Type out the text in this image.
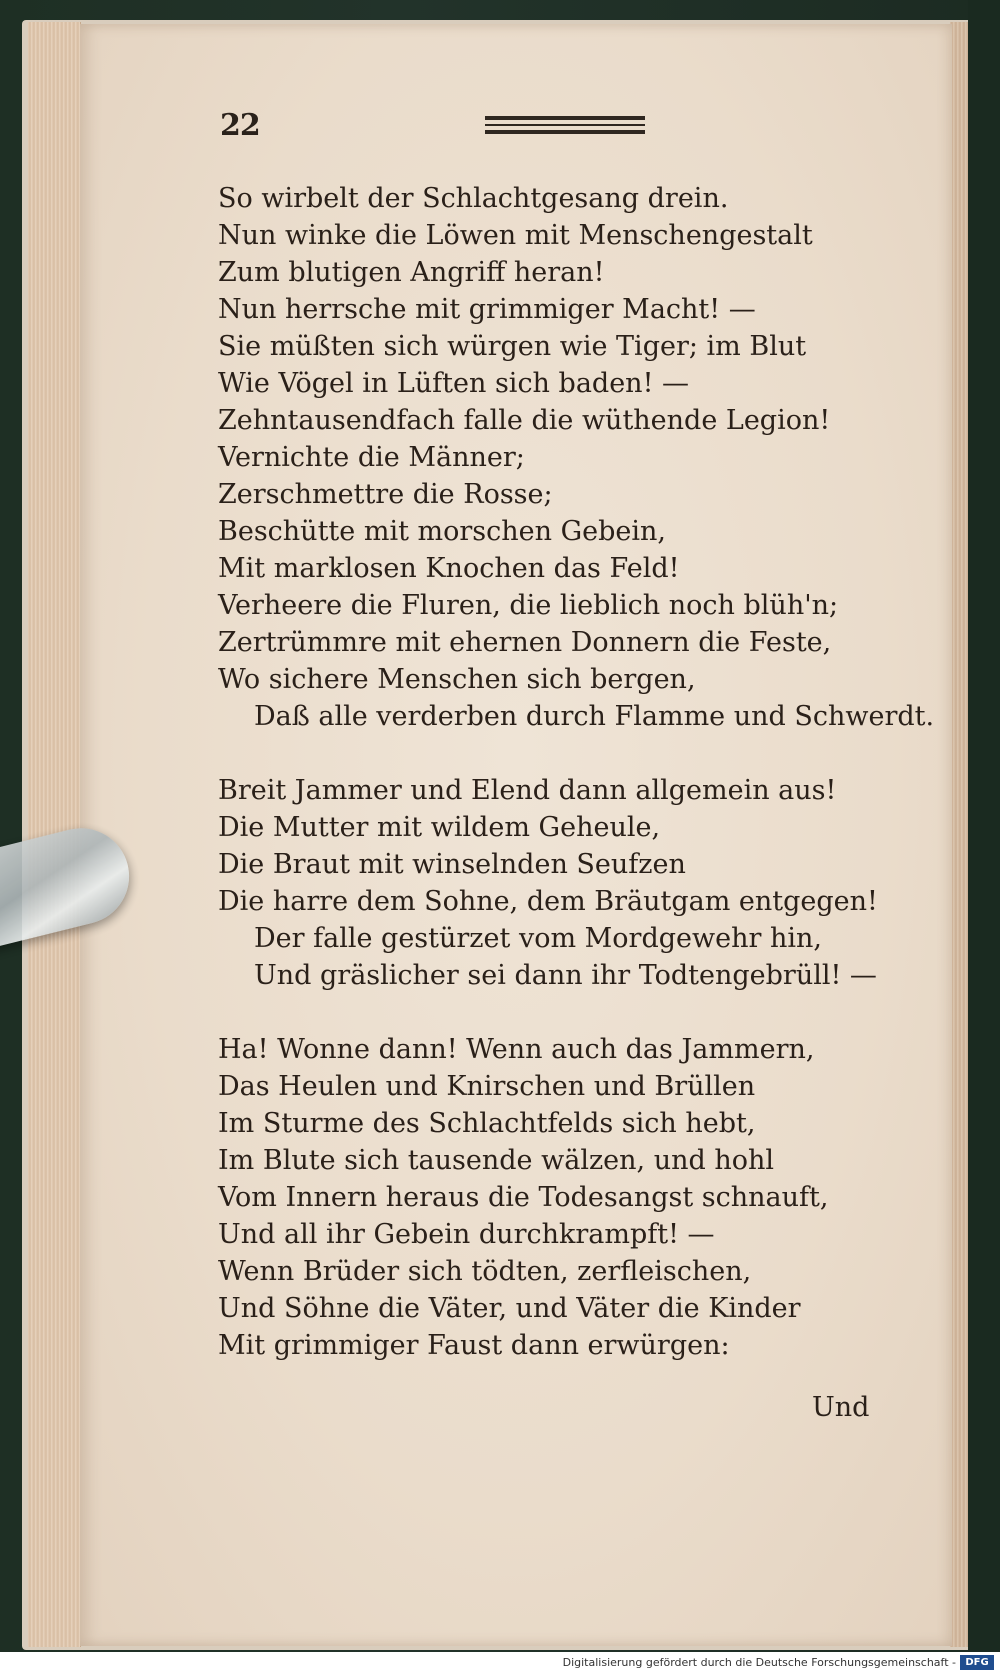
22
So wirbelt der Schlachtgesang drein.
Nun winke die Löwen mit Menschengestalt
Zum blutigen Angriff heran!
Nun herrsche mit grimmiger Macht! —
Sie müßten sich würgen wie Tiger; im Blut
Wie Vögel in Lüften sich baden! —
Zehntausendfach falle die wüthende Legion!
Vernichte die Männer;
Zerschmettre die Rosse;
Beschütte mit morschen Gebein,
Mit marklosen Knochen das Feld!
Verheere die Fluren, die lieblich noch blüh'n;
Zertrümmre mit ehernen Donnern die Feste,
Wo sichere Menschen sich bergen,
Daß alle verderben durch Flamme und Schwerdt.
Breit Jammer und Elend dann allgemein aus!
Die Mutter mit wildem Geheule,
Die Braut mit winselnden Seufzen
Die harre dem Sohne, dem Bräutgam entgegen!
Der falle gestürzet vom Mordgewehr hin,
Und gräslicher sei dann ihr Todtengebrüll! —
Ha! Wonne dann! Wenn auch das Jammern,
Das Heulen und Knirschen und Brüllen
Im Sturme des Schlachtfelds sich hebt,
Im Blute sich tausende wälzen, und hohl
Vom Innern heraus die Todesangst schnauft,
Und all ihr Gebein durchkrampft! —
Wenn Brüder sich tödten, zerfleischen,
Und Söhne die Väter, und Väter die Kinder
Mit grimmiger Faust dann erwürgen:
Und
Digitalisierung gefördert durch die Deutsche Forschungsgemeinschaft - DFG
